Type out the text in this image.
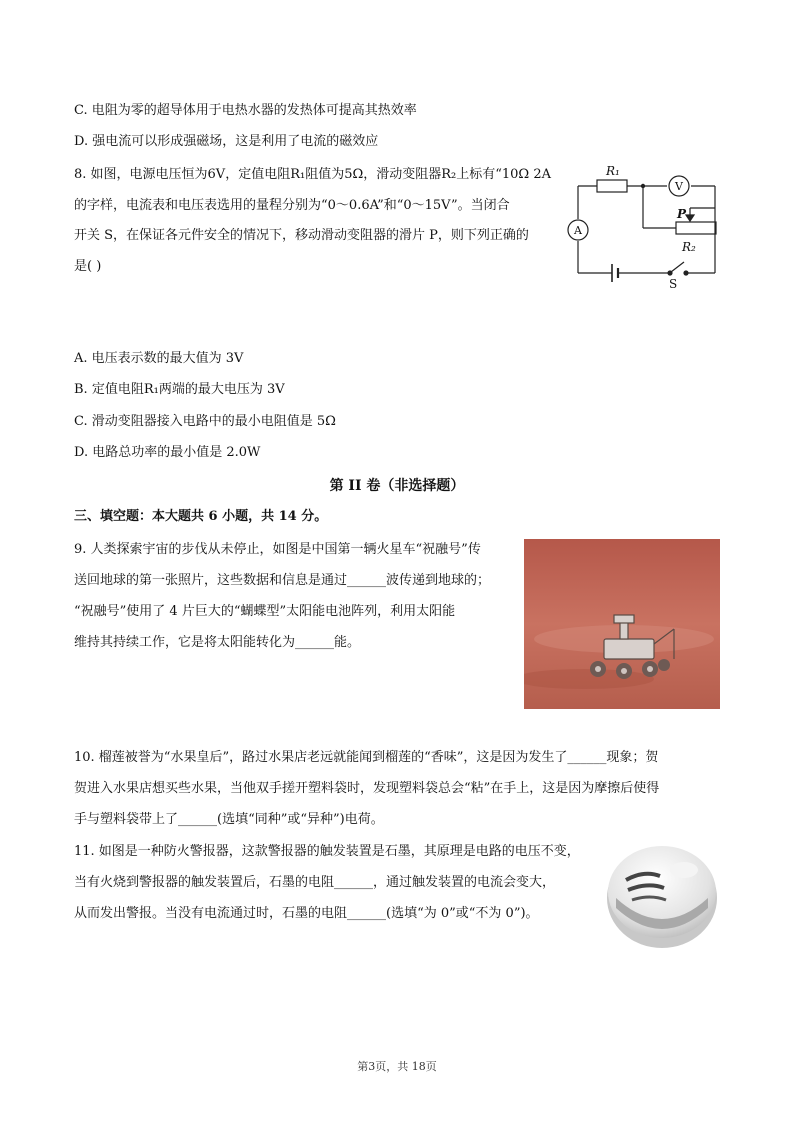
C. 电阻为零的超导体用于电热水器的发热体可提高其热效率
D. 强电流可以形成强磁场，这是利用了电流的磁效应
8. 如图，电源电压恒为6V，定值电阻R₁阻值为5Ω，滑动变阻器R₂上标有“10Ω 2A
的字样，电流表和电压表选用的量程分别为“0～0.6A”和“0～15V”。当闭合
开关 S，在保证各元件安全的情况下，移动滑动变阻器的滑片 P，则下列正确的
是( )
R₁
V
A
P
R₂
S
A. 电压表示数的最大值为 3V
B. 定值电阻R₁两端的最大电压为 3V
C. 滑动变阻器接入电路中的最小电阻值是 5Ω
D. 电路总功率的最小值是 2.0W
第 II 卷（非选择题）
三、填空题：本大题共 6 小题，共 14 分。
9. 人类探索宇宙的步伐从未停止，如图是中国第一辆火星车“祝融号”传
送回地球的第一张照片，这些数据和信息是通过______波传递到地球的；
“祝融号”使用了 4 片巨大的“蝴蝶型”太阳能电池阵列，利用太阳能
维持其持续工作，它是将太阳能转化为______能。
10. 榴莲被誉为“水果皇后”，路过水果店老远就能闻到榴莲的“香味”，这是因为发生了______现象；贺
贺进入水果店想买些水果，当他双手搓开塑料袋时，发现塑料袋总会“粘”在手上，这是因为摩擦后使得
手与塑料袋带上了______(选填“同种”或“异种”)电荷。
11. 如图是一种防火警报器，这款警报器的触发装置是石墨，其原理是电路的电压不变，
当有火烧到警报器的触发装置后，石墨的电阻______，通过触发装置的电流会变大，
从而发出警报。当没有电流通过时，石墨的电阻______(选填“为 0”或“不为 0”)。
第3页，共 18页
